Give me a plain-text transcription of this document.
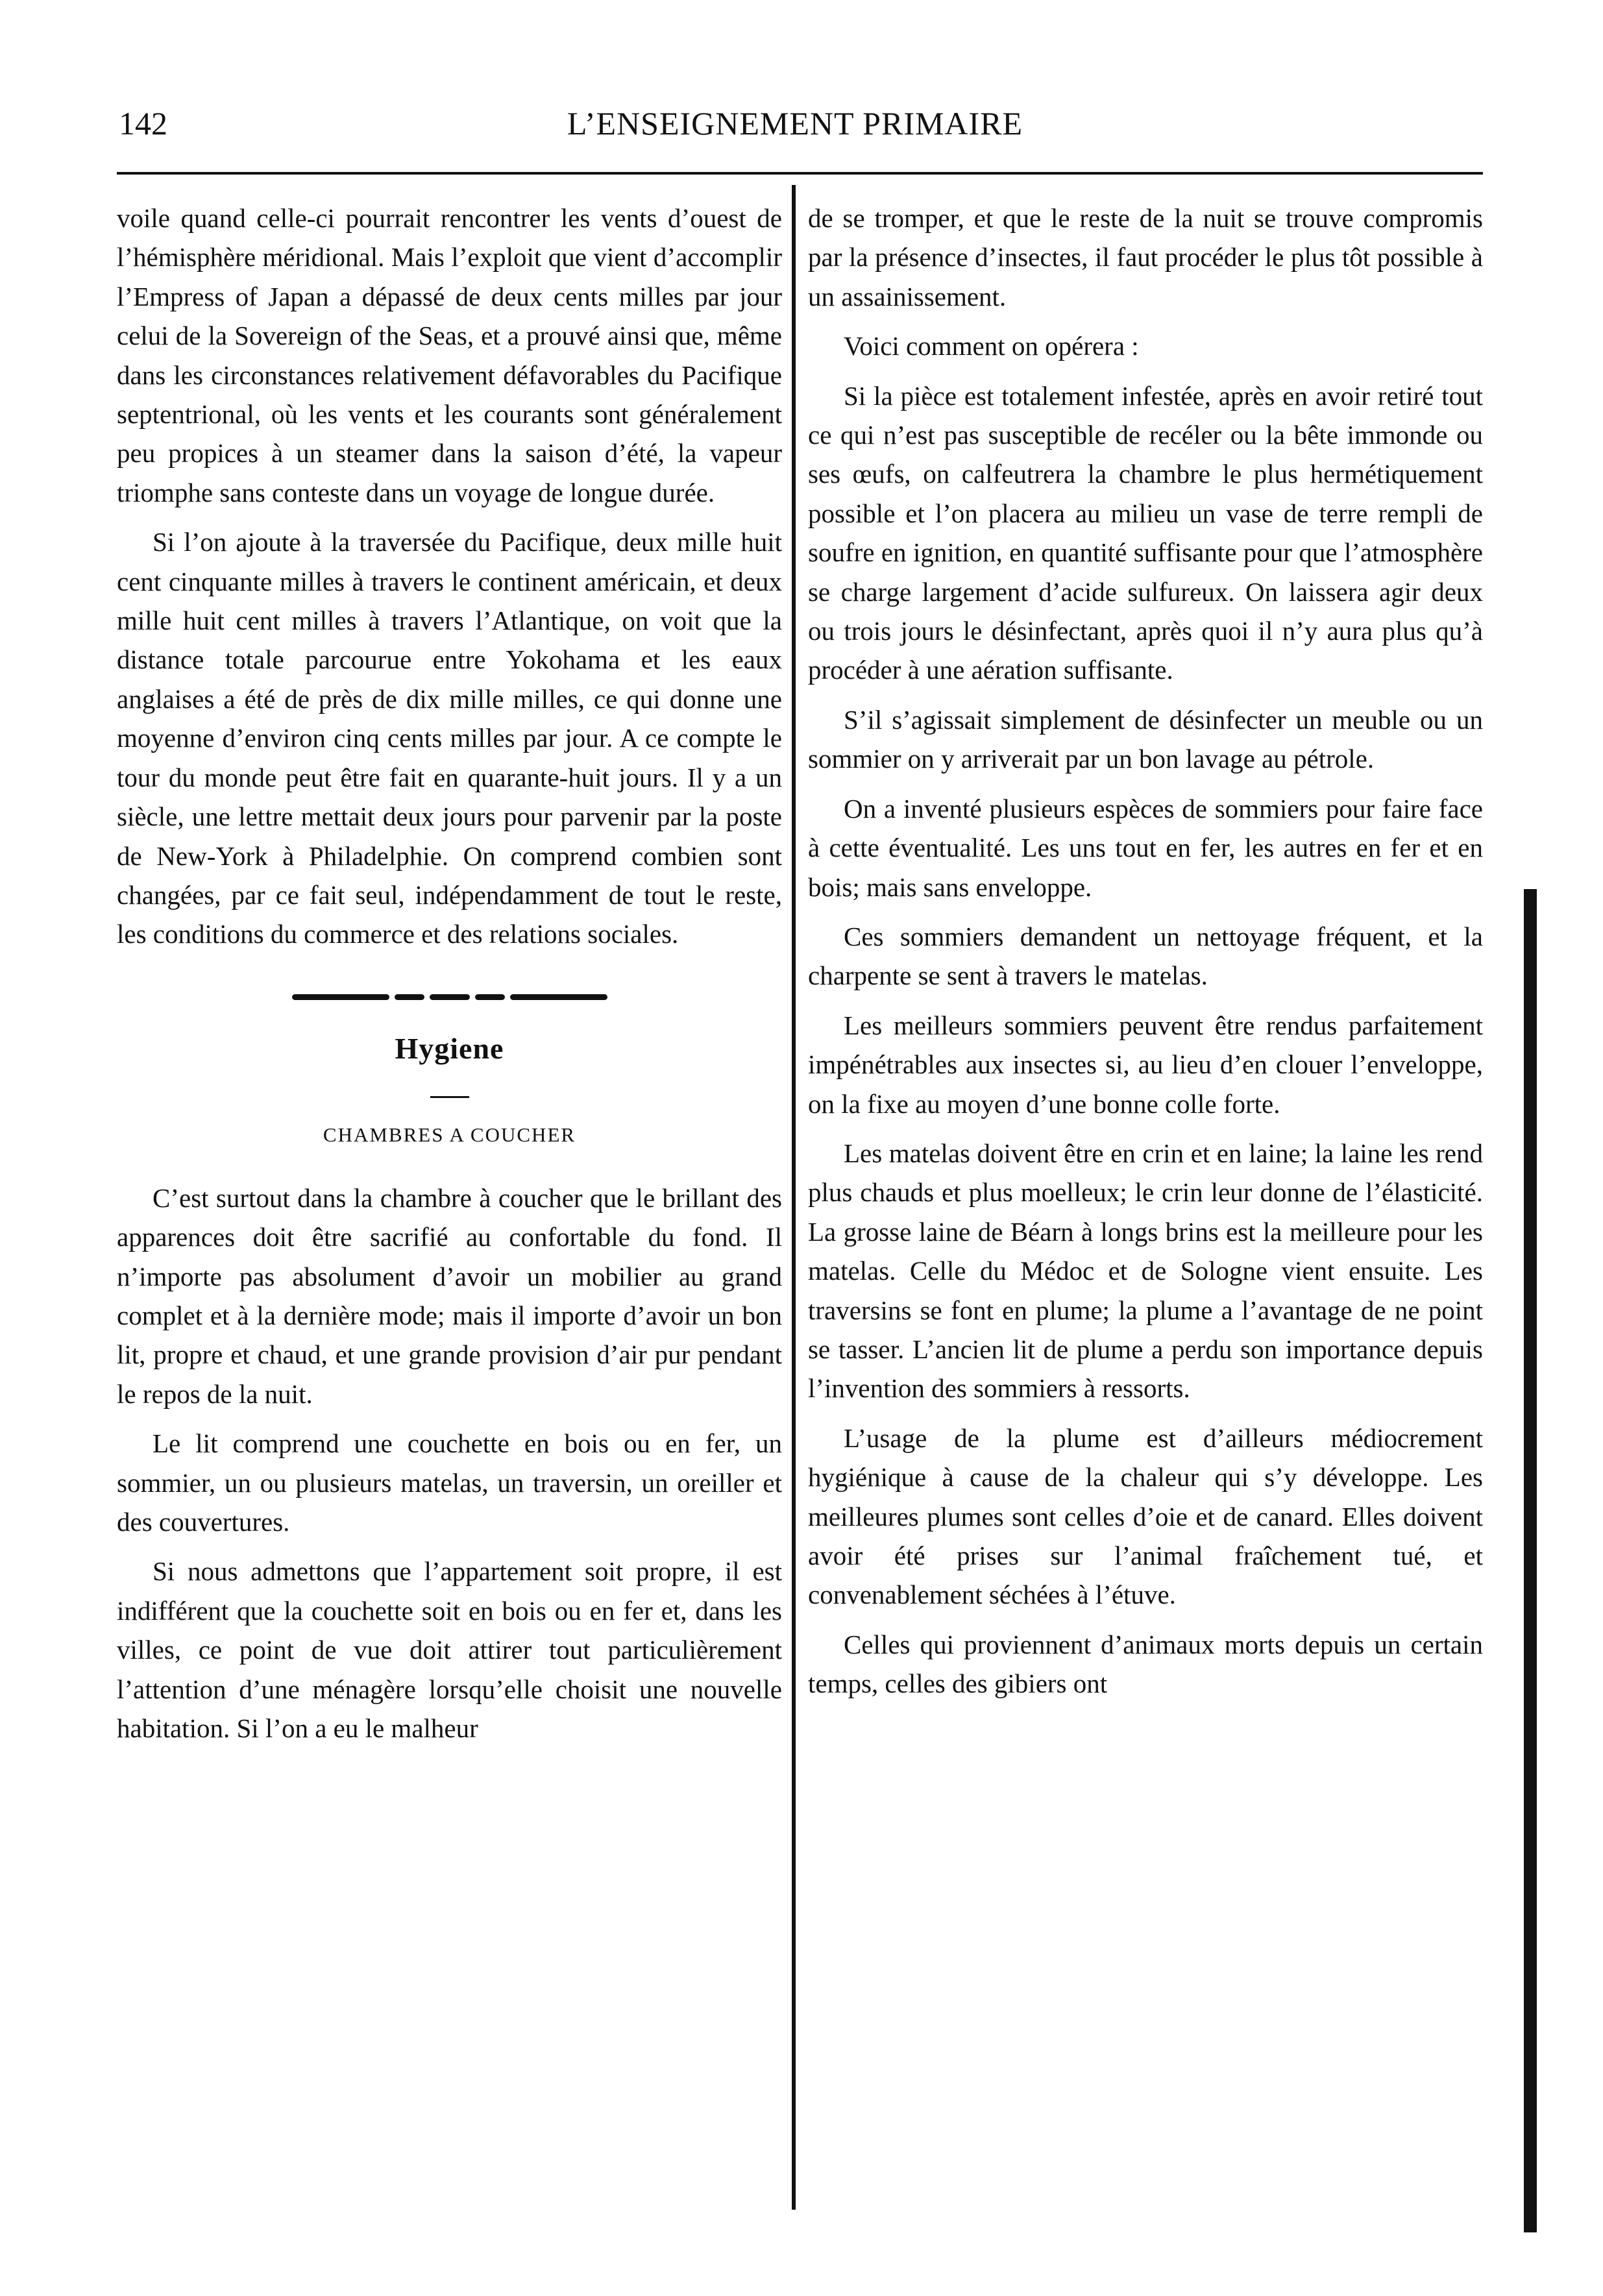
142	L’ENSEIGNEMENT PRIMAIRE

voile quand celle-ci pourrait rencontrer les vents d’ouest de l’hémisphère méridional. Mais l’exploit que vient d’accomplir l’Empress of Japan a dépassé de deux cents milles par jour celui de la Sovereign of the Seas, et a prouvé ainsi que, même dans les circonstances relativement défavorables du Pacifique septentrional, où les vents et les courants sont généralement peu propices à un steamer dans la saison d’été, la vapeur triomphe sans conteste dans un voyage de longue durée.

Si l’on ajoute à la traversée du Pacifique, deux mille huit cent cinquante milles à travers le continent américain, et deux mille huit cent milles à travers l’Atlantique, on voit que la distance totale parcourue entre Yokohama et les eaux anglaises a été de près de dix mille milles, ce qui donne une moyenne d’environ cinq cents milles par jour. A ce compte le tour du monde peut être fait en quarante-huit jours. Il y a un siècle, une lettre mettait deux jours pour parvenir par la poste de New-York à Philadelphie. On comprend combien sont changées, par ce fait seul, indépendamment de tout le reste, les conditions du commerce et des relations sociales.

Hygiene
CHAMBRES A COUCHER

C’est surtout dans la chambre à coucher que le brillant des apparences doit être sacrifié au confortable du fond. Il n’importe pas absolument d’avoir un mobilier au grand complet et à la dernière mode; mais il importe d’avoir un bon lit, propre et chaud, et une grande provision d’air pur pendant le repos de la nuit.

Le lit comprend une couchette en bois ou en fer, un sommier, un ou plusieurs matelas, un traversin, un oreiller et des couvertures.

Si nous admettons que l’appartement soit propre, il est indifférent que la couchette soit en bois ou en fer et, dans les villes, ce point de vue doit attirer tout particulièrement l’attention d’une ménagère lorsqu’elle choisit une nouvelle habitation. Si l’on a eu le malheur

de se tromper, et que le reste de la nuit se trouve compromis par la présence d’insectes, il faut procéder le plus tôt possible à un assainissement.

Voici comment on opérera :

Si la pièce est totalement infestée, après en avoir retiré tout ce qui n’est pas susceptible de recéler ou la bête immonde ou ses œufs, on calfeutrera la chambre le plus hermétiquement possible et l’on placera au milieu un vase de terre rempli de soufre en ignition, en quantité suffisante pour que l’atmosphère se charge largement d’acide sulfureux. On laissera agir deux ou trois jours le désinfectant, après quoi il n’y aura plus qu’à procéder à une aération suffisante.

S’il s’agissait simplement de désinfecter un meuble ou un sommier on y arriverait par un bon lavage au pétrole.

On a inventé plusieurs espèces de sommiers pour faire face à cette éventualité. Les uns tout en fer, les autres en fer et en bois; mais sans enveloppe.

Ces sommiers demandent un nettoyage fréquent, et la charpente se sent à travers le matelas.

Les meilleurs sommiers peuvent être rendus parfaitement impénétrables aux insectes si, au lieu d’en clouer l’enveloppe, on la fixe au moyen d’une bonne colle forte.

Les matelas doivent être en crin et en laine; la laine les rend plus chauds et plus moelleux; le crin leur donne de l’élasticité. La grosse laine de Béarn à longs brins est la meilleure pour les matelas. Celle du Médoc et de Sologne vient ensuite. Les traversins se font en plume; la plume a l’avantage de ne point se tasser. L’ancien lit de plume a perdu son importance depuis l’invention des sommiers à ressorts.

L’usage de la plume est d’ailleurs médiocrement hygiénique à cause de la chaleur qui s’y développe. Les meilleures plumes sont celles d’oie et de canard. Elles doivent avoir été prises sur l’animal fraîchement tué, et convenablement séchées à l’étuve.

Celles qui proviennent d’animaux morts depuis un certain temps, celles des gibiers ont
